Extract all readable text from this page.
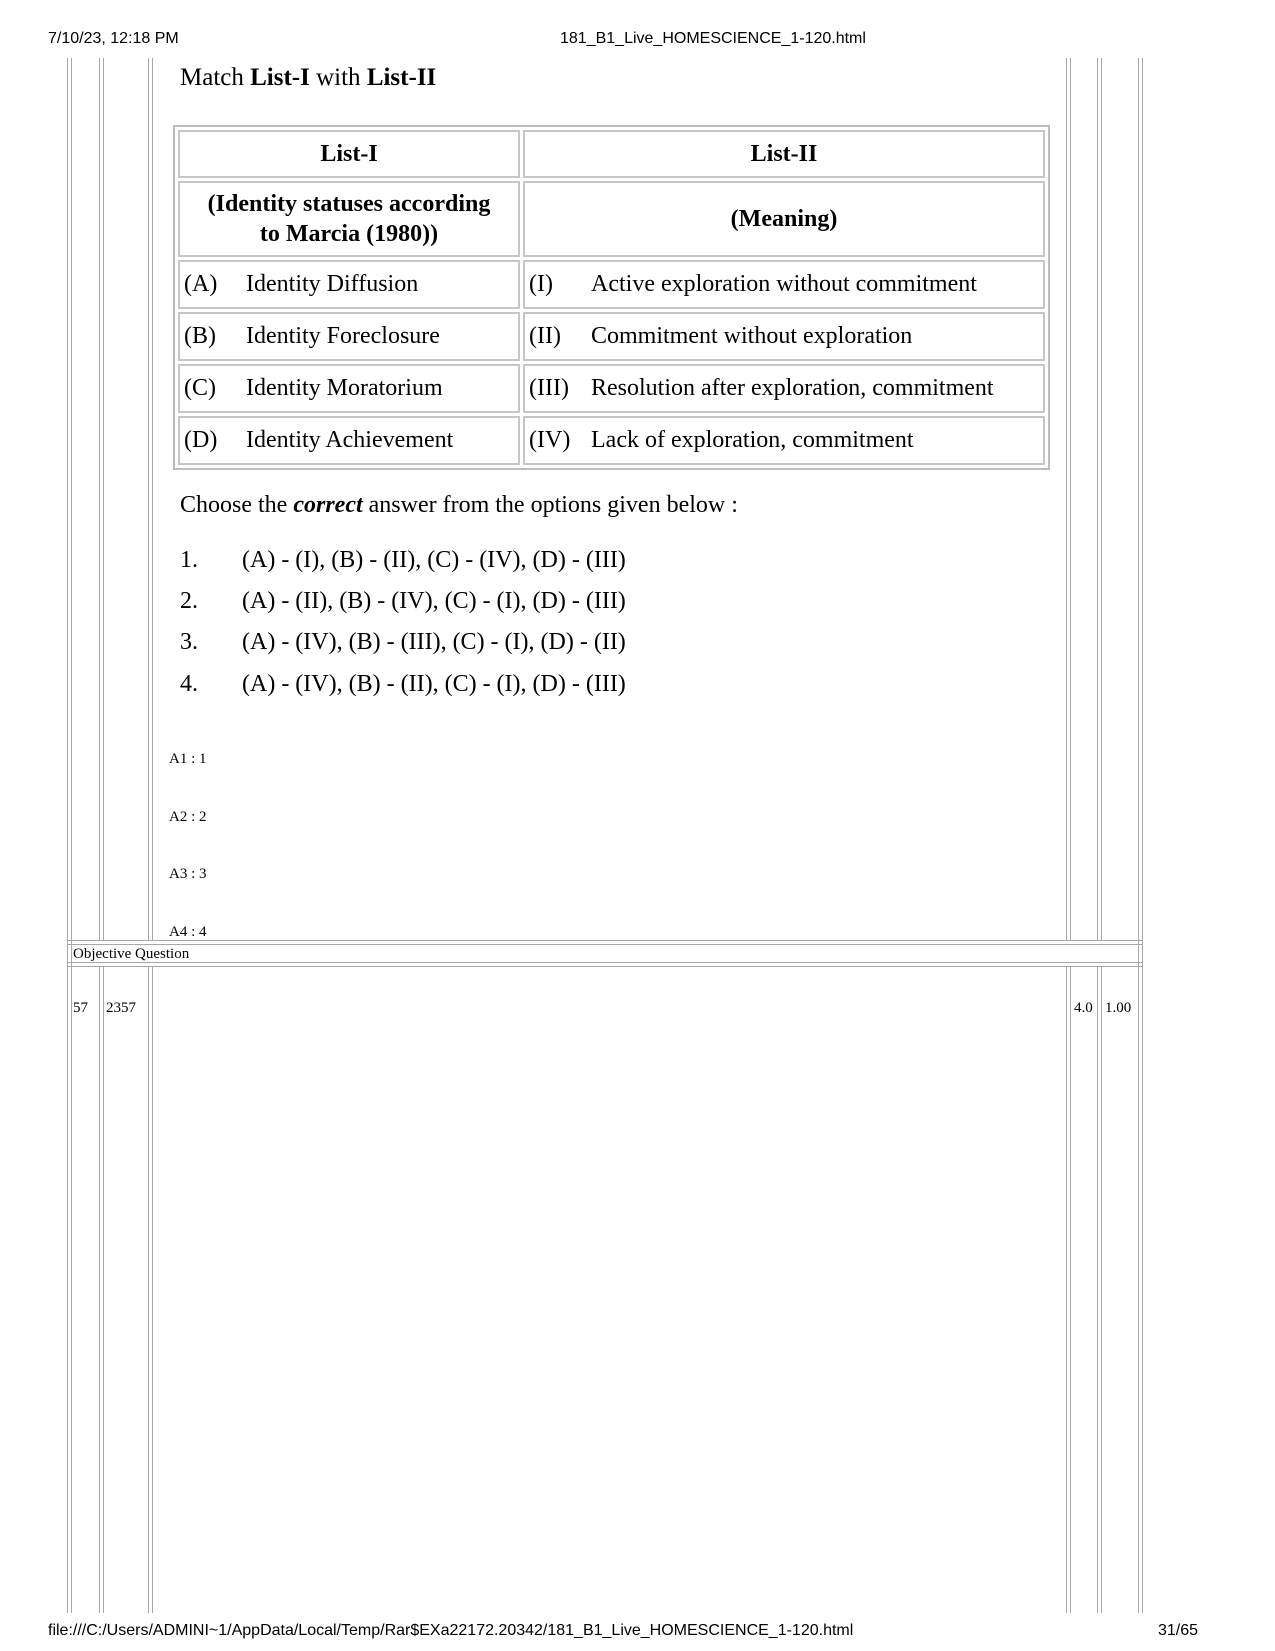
7/10/23, 12:18 PM	181_B1_Live_HOMESCIENCE_1-120.html
Match List-I with List-II
List-I	List-II
(Identity statuses according
to Marcia (1980))	(Meaning)
(A) Identity Diffusion	(I) Active exploration without commitment
(B) Identity Foreclosure	(II) Commitment without exploration
(C) Identity Moratorium	(III) Resolution after exploration, commitment
(D) Identity Achievement	(IV) Lack of exploration, commitment
Choose the correct answer from the options given below :
1. (A) - (I), (B) - (II), (C) - (IV), (D) - (III)
2. (A) - (II), (B) - (IV), (C) - (I), (D) - (III)
3. (A) - (IV), (B) - (III), (C) - (I), (D) - (II)
4. (A) - (IV), (B) - (II), (C) - (I), (D) - (III)
A1 : 1
A2 : 2
A3 : 3
A4 : 4
Objective Question
57 2357	4.0 1.00
file:///C:/Users/ADMINI~1/AppData/Local/Temp/Rar$EXa22172.20342/181_B1_Live_HOMESCIENCE_1-120.html	31/65
